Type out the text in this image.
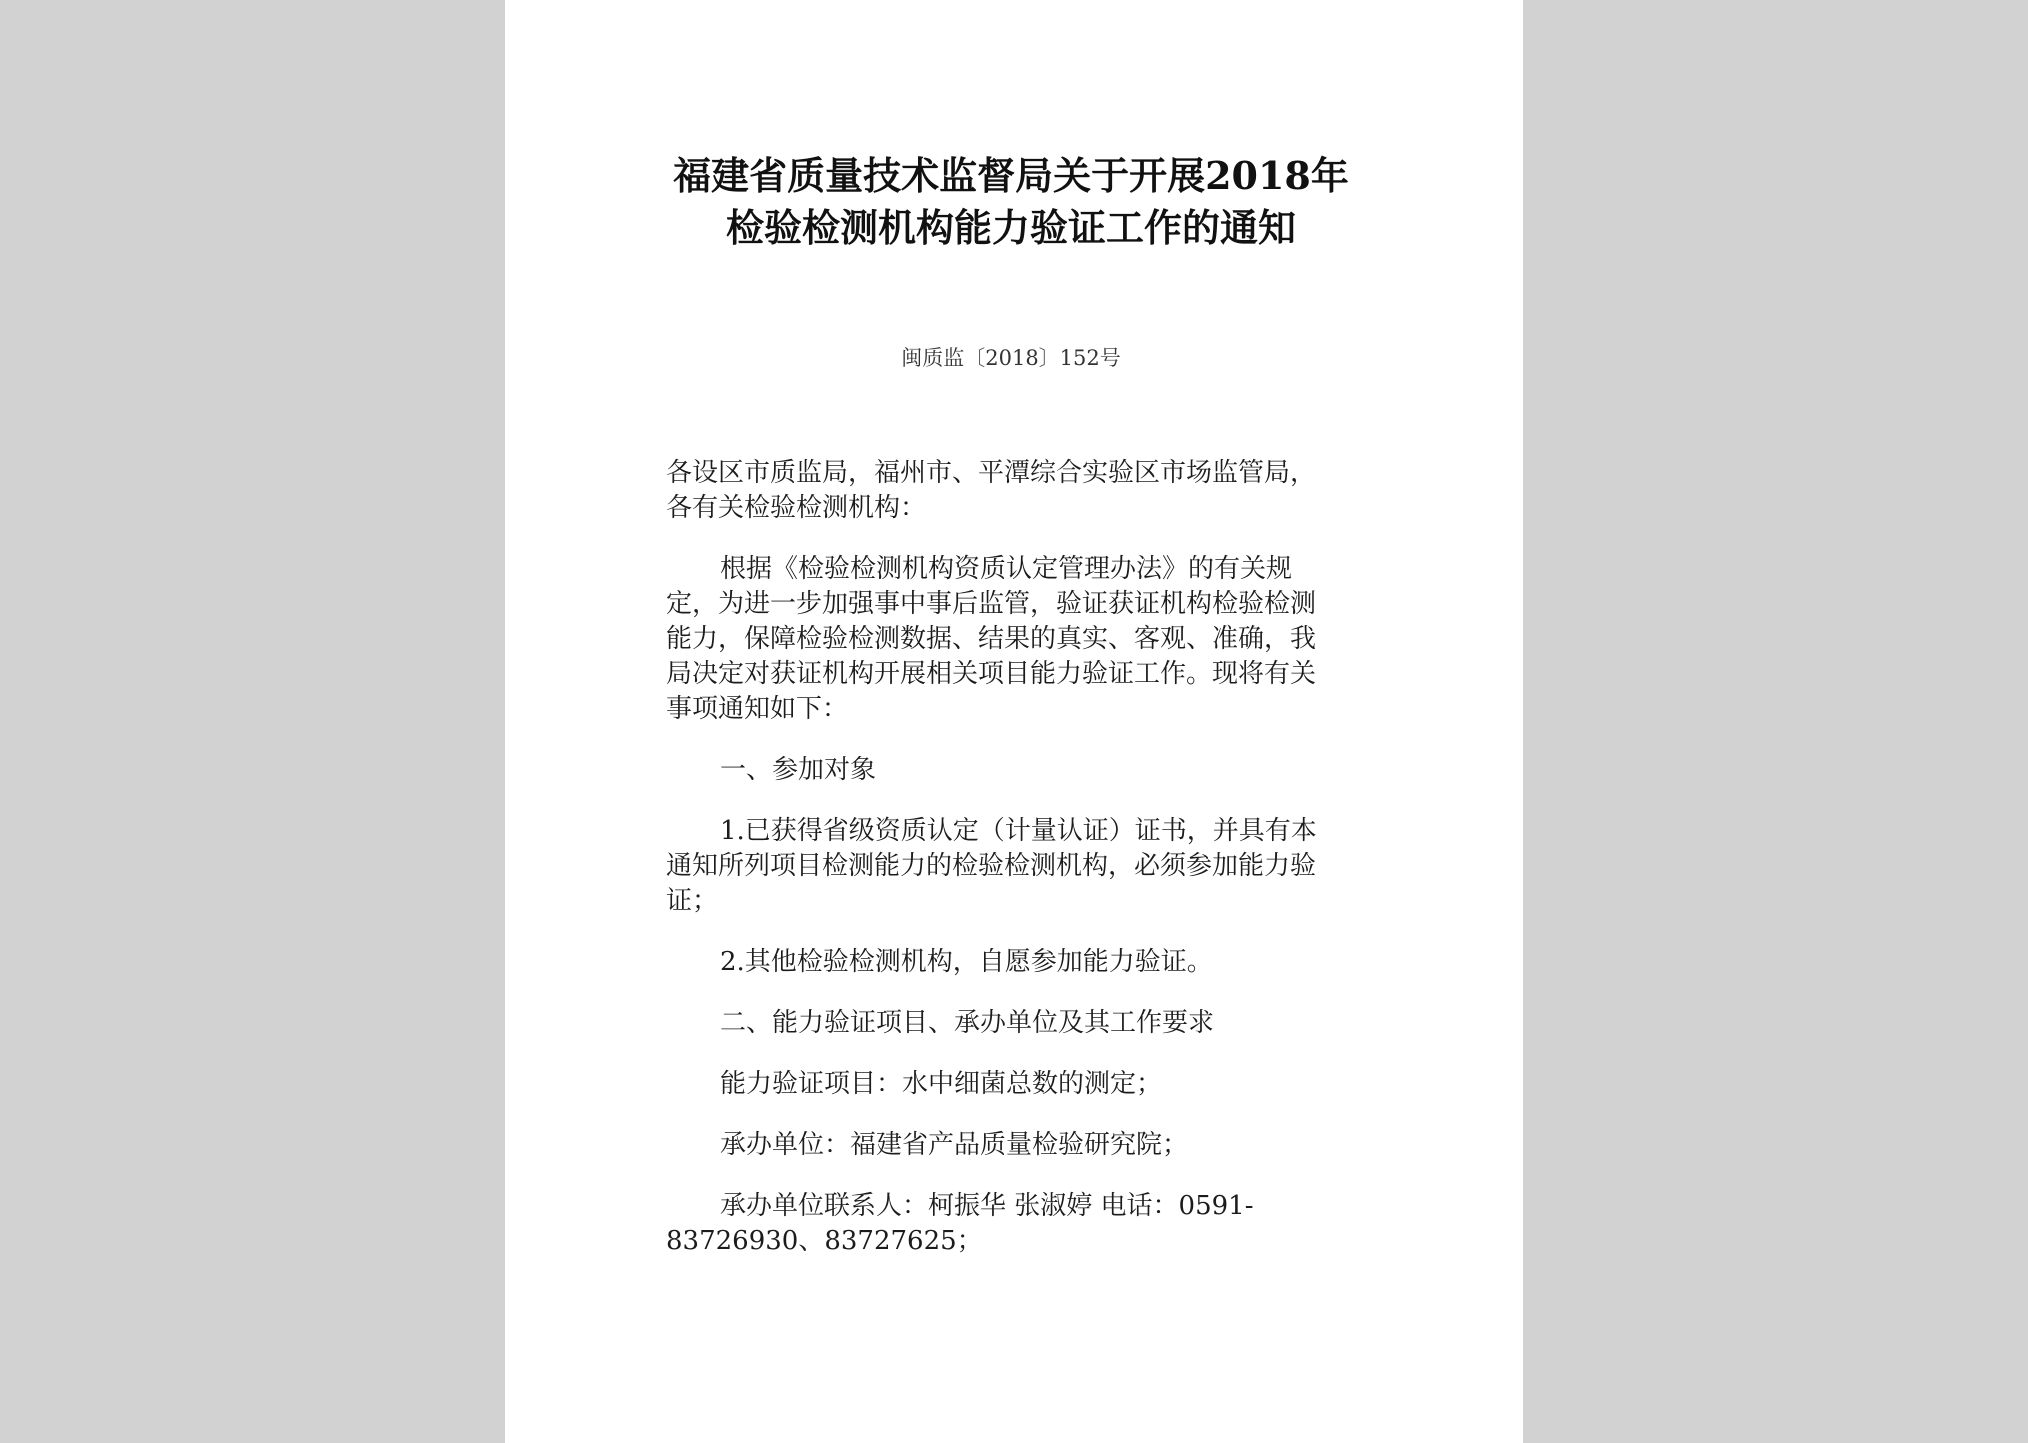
福建省质量技术监督局关于开展2018年
检验检测机构能力验证工作的通知
闽质监〔2018〕152号

各设区市质监局，福州市、平潭综合实验区市场监管局，
各有关检验检测机构：

根据《检验检测机构资质认定管理办法》的有关规
定，为进一步加强事中事后监管，验证获证机构检验检测
能力，保障检验检测数据、结果的真实、客观、准确，我
局决定对获证机构开展相关项目能力验证工作。现将有关
事项通知如下：

一、参加对象

1.已获得省级资质认定（计量认证）证书，并具有本
通知所列项目检测能力的检验检测机构，必须参加能力验
证；

2.其他检验检测机构，自愿参加能力验证。

二、能力验证项目、承办单位及其工作要求

能力验证项目：水中细菌总数的测定；

承办单位：福建省产品质量检验研究院；

承办单位联系人：柯振华 张淑婷 电话：0591-
83726930、83727625；
